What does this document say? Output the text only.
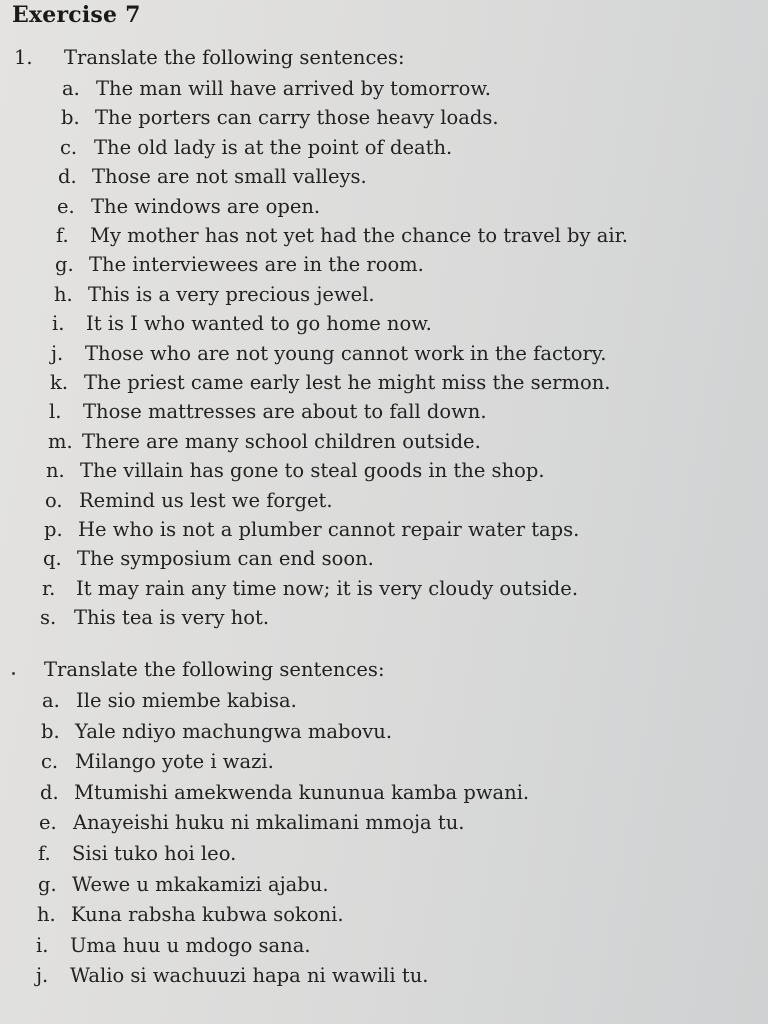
Exercise 7
1. Translate the following sentences:
a. The man will have arrived by tomorrow.
b. The porters can carry those heavy loads.
c. The old lady is at the point of death.
d. Those are not small valleys.
e. The windows are open.
f. My mother has not yet had the chance to travel by air.
g. The interviewees are in the room.
h. This is a very precious jewel.
i. It is I who wanted to go home now.
j. Those who are not young cannot work in the factory.
k. The priest came early lest he might miss the sermon.
l. Those mattresses are about to fall down.
m. There are many school children outside.
n. The villain has gone to steal goods in the shop.
o. Remind us lest we forget.
p. He who is not a plumber cannot repair water taps.
q. The symposium can end soon.
r. It may rain any time now; it is very cloudy outside.
s. This tea is very hot.
Translate the following sentences:
a. Ile sio miembe kabisa.
b. Yale ndiyo machungwa mabovu.
c. Milango yote i wazi.
d. Mtumishi amekwenda kununua kamba pwani.
e. Anayeishi huku ni mkalimani mmoja tu.
f. Sisi tuko hoi leo.
g. Wewe u mkakamizi ajabu.
h. Kuna rabsha kubwa sokoni.
i. Uma huu u mdogo sana.
j. Walio si wachuuzi hapa ni wawili tu.
